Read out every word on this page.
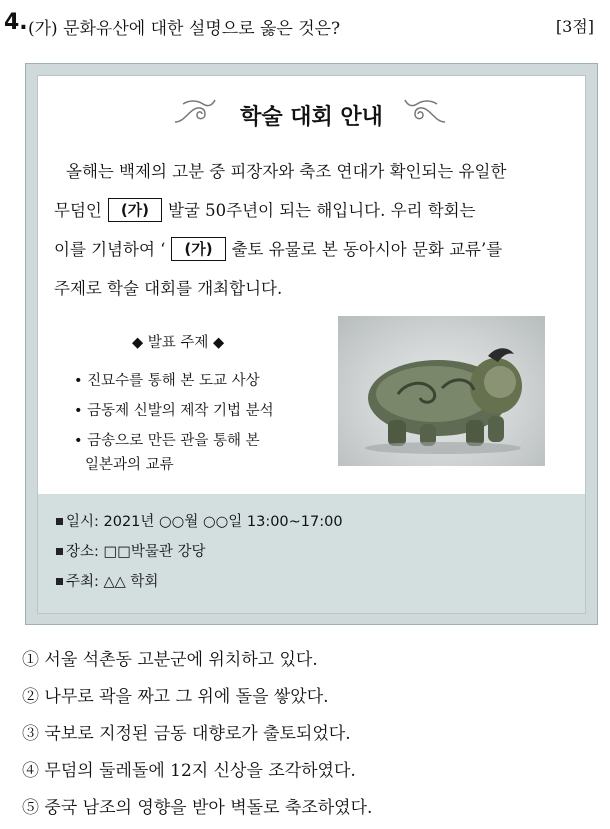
4. (가) 문화유산에 대한 설명으로 옳은 것은?	[3점]
학술 대회 안내
올해는 백제의 고분 중 피장자와 축조 연대가 확인되는 유일한
무덤인 (가) 발굴 50주년이 되는 해입니다. 우리 학회는
이를 기념하여 ‘ (가) 출토 유물로 본 동아시아 문화 교류’를
주제로 학술 대회를 개최합니다.
◆ 발표 주제 ◆
• 진묘수를 통해 본 도교 사상
• 금동제 신발의 제작 기법 분석
• 금송으로 만든 관을 통해 본
일본과의 교류
일시: 2021년 ○○월 ○○일 13:00~17:00
장소: □□박물관 강당
주최: △△ 학회
① 서울 석촌동 고분군에 위치하고 있다.
② 나무로 곽을 짜고 그 위에 돌을 쌓았다.
③ 국보로 지정된 금동 대향로가 출토되었다.
④ 무덤의 둘레돌에 12지 신상을 조각하였다.
⑤ 중국 남조의 영향을 받아 벽돌로 축조하였다.
